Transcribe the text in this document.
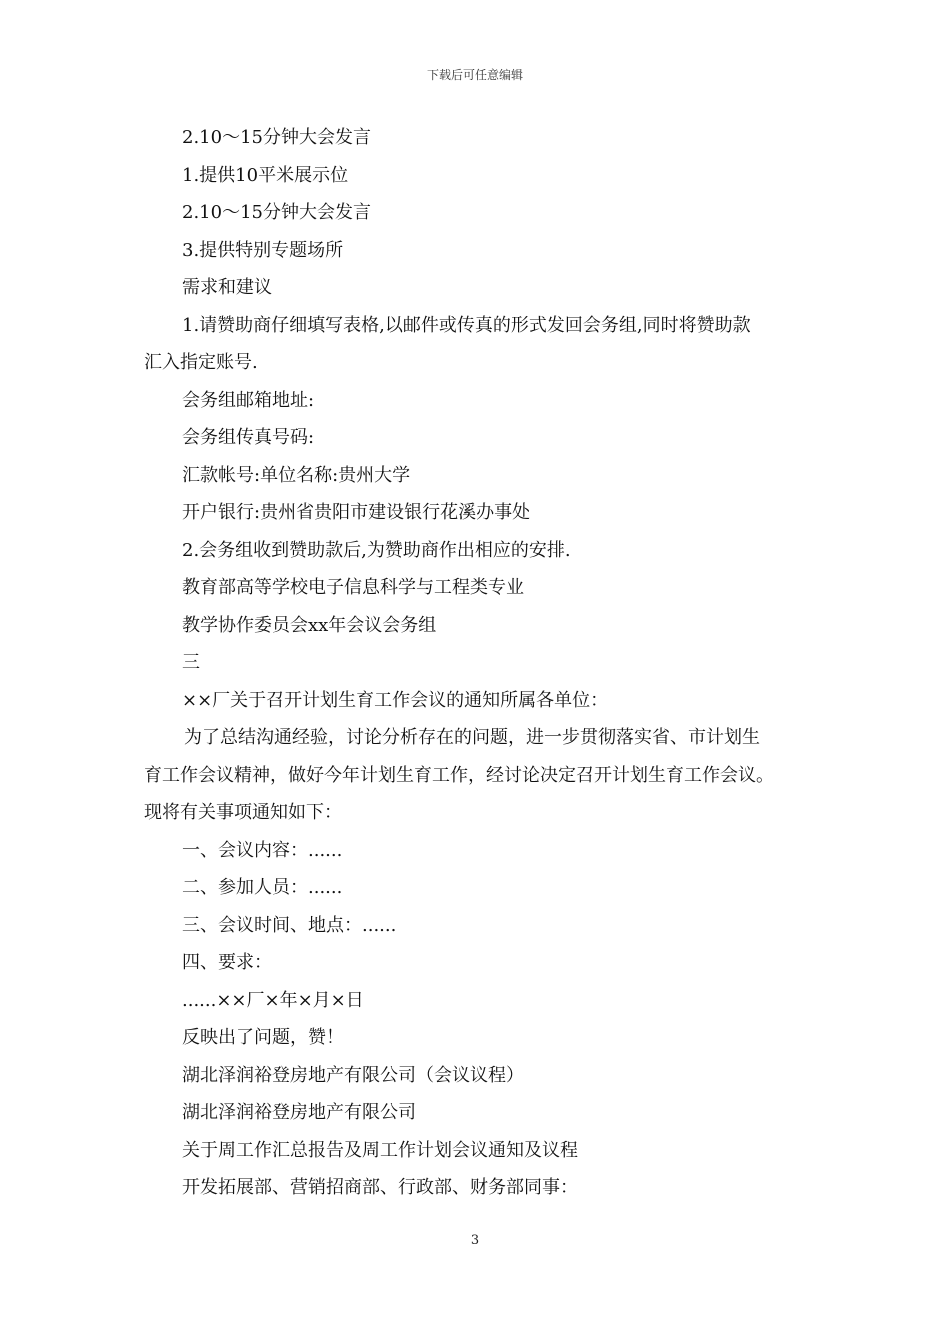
下载后可任意编辑
2.10～15分钟大会发言
1.提供10平米展示位
2.10～15分钟大会发言
3.提供特别专题场所
需求和建议
1.请赞助商仔细填写表格,以邮件或传真的形式发回会务组,同时将赞助款
汇入指定账号.
会务组邮箱地址:
会务组传真号码:
汇款帐号:单位名称:贵州大学
开户银行:贵州省贵阳市建设银行花溪办事处
2.会务组收到赞助款后,为赞助商作出相应的安排.
教育部高等学校电子信息科学与工程类专业
教学协作委员会xx年会议会务组
三
××厂关于召开计划生育工作会议的通知所属各单位：
为了总结沟通经验，讨论分析存在的问题，进一步贯彻落实省、市计划生
育工作会议精神，做好今年计划生育工作，经讨论决定召开计划生育工作会议。
现将有关事项通知如下：
一、会议内容：......
二、参加人员：......
三、会议时间、地点：......
四、要求：
......××厂×年×月×日
反映出了问题，赞！
湖北泽润裕登房地产有限公司（会议议程）
湖北泽润裕登房地产有限公司
关于周工作汇总报告及周工作计划会议通知及议程
开发拓展部、营销招商部、行政部、财务部同事：
3
